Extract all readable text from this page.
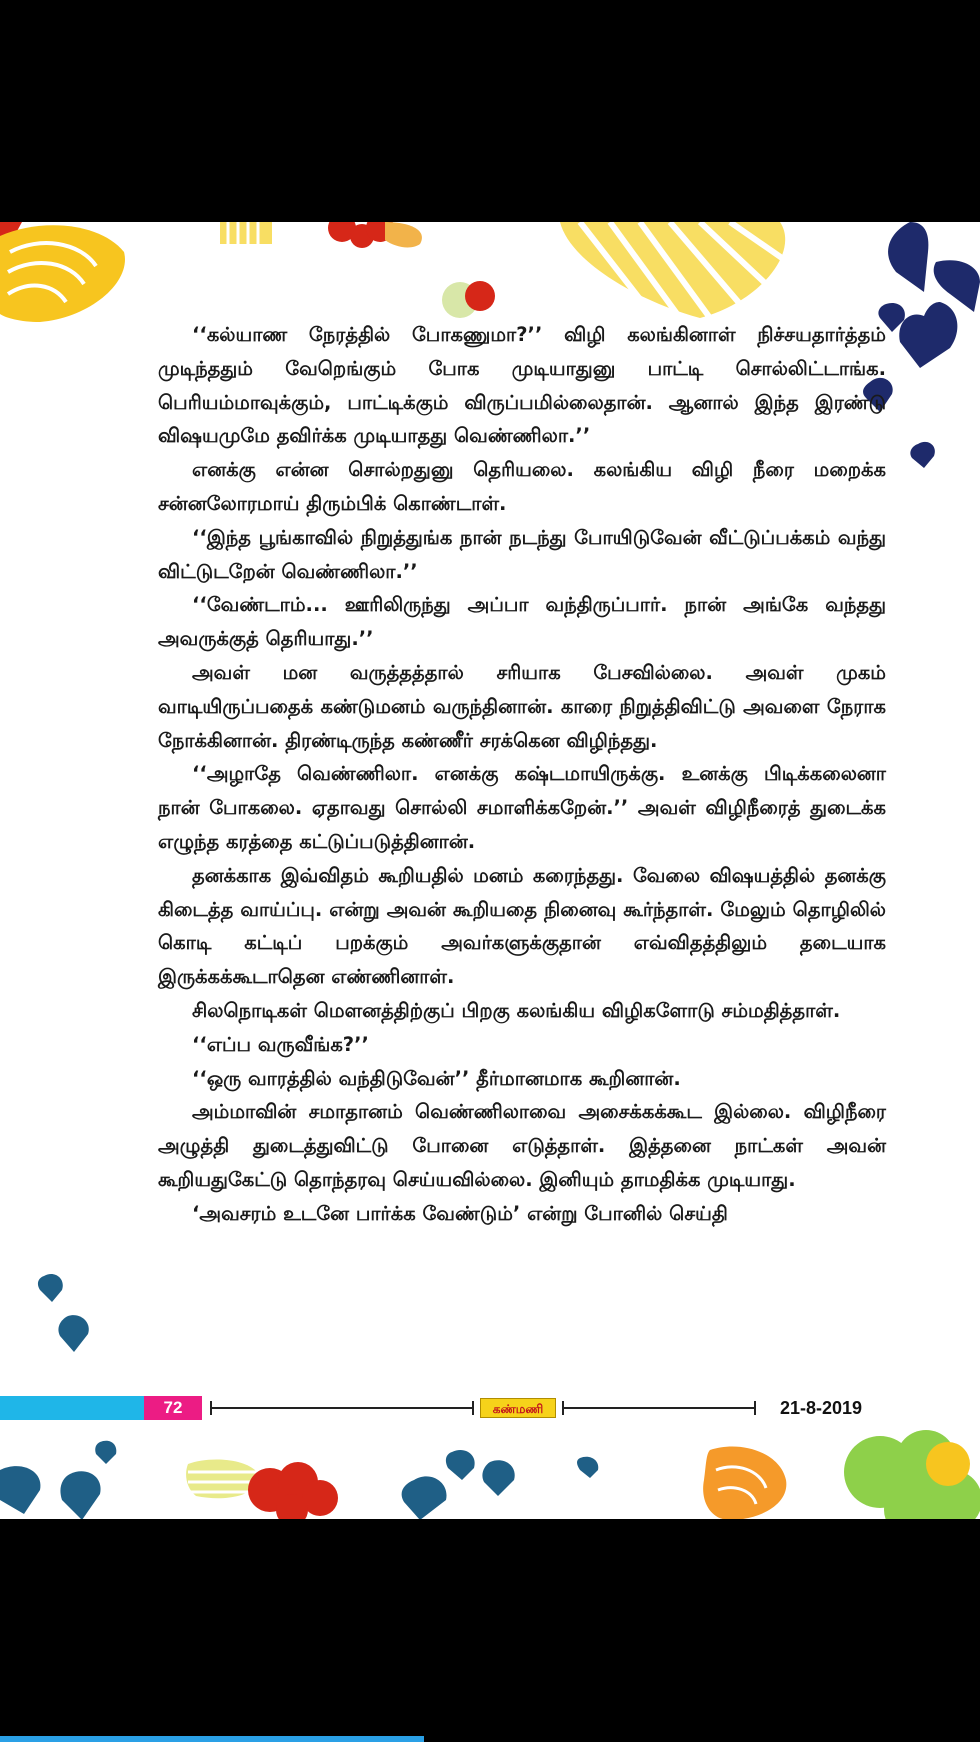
‘‘கல்யாண நேரத்தில் போகணுமா?’’ விழி கலங்கினாள் நிச்சயதார்த்தம் முடிந்ததும் வேறெங்கும் போக முடியாதுனு பாட்டி சொல்லிட்டாங்க. பெரியம்மாவுக்கும், பாட்டிக்கும் விருப்பமில்லைதான். ஆனால் இந்த இரண்டு விஷயமுமே தவிர்க்க முடியாதது வெண்ணிலா.’’

எனக்கு என்ன சொல்றதுனு தெரியலை. கலங்கிய விழி நீரை மறைக்க சன்னலோரமாய் திரும்பிக் கொண்டாள்.

‘‘இந்த பூங்காவில் நிறுத்துங்க நான் நடந்து போயிடுவேன் வீட்டுப்பக்கம் வந்து விட்டுடறேன் வெண்ணிலா.’’

‘‘வேண்டாம்... ஊரிலிருந்து அப்பா வந்திருப்பார். நான் அங்கே வந்தது அவருக்குத் தெரியாது.’’

அவள் மன வருத்தத்தால் சரியாக பேசவில்லை. அவள் முகம் வாடியிருப்பதைக் கண்டுமனம் வருந்தினான். காரை நிறுத்திவிட்டு அவளை நேராக நோக்கினான். திரண்டிருந்த கண்ணீர் சரக்கென விழிந்தது.

‘‘அழாதே வெண்ணிலா. எனக்கு கஷ்டமாயிருக்கு. உனக்கு பிடிக்கலைனா நான் போகலை. ஏதாவது சொல்லி சமாளிக்கறேன்.’’ அவள் விழிநீரைத் துடைக்க எழுந்த கரத்தை கட்டுப்படுத்தினான்.

தனக்காக இவ்விதம் கூறியதில் மனம் கரைந்தது. வேலை விஷயத்தில் தனக்கு கிடைத்த வாய்ப்பு. என்று அவன் கூறியதை நினைவு கூர்ந்தாள். மேலும் தொழிலில் கொடி கட்டிப் பறக்கும் அவர்களுக்குதான் எவ்விதத்திலும் தடையாக இருக்கக்கூடாதென எண்ணினாள்.

சிலநொடிகள் மௌனத்திற்குப் பிறகு கலங்கிய விழிகளோடு சம்மதித்தாள்.

‘‘எப்ப வருவீங்க?’’

‘‘ஒரு வாரத்தில் வந்திடுவேன்’’ தீர்மானமாக கூறினான்.

அம்மாவின் சமாதானம் வெண்ணிலாவை அசைக்கக்கூட இல்லை. விழிநீரை அழுத்தி துடைத்துவிட்டு போனை எடுத்தாள். இத்தனை நாட்கள் அவன் கூறியதுகேட்டு தொந்தரவு செய்யவில்லை. இனியும் தாமதிக்க முடியாது.

‘அவசரம் உடனே பார்க்க வேண்டும்’ என்று போனில் செய்தி

72	கண்மணி	21-8-2019
